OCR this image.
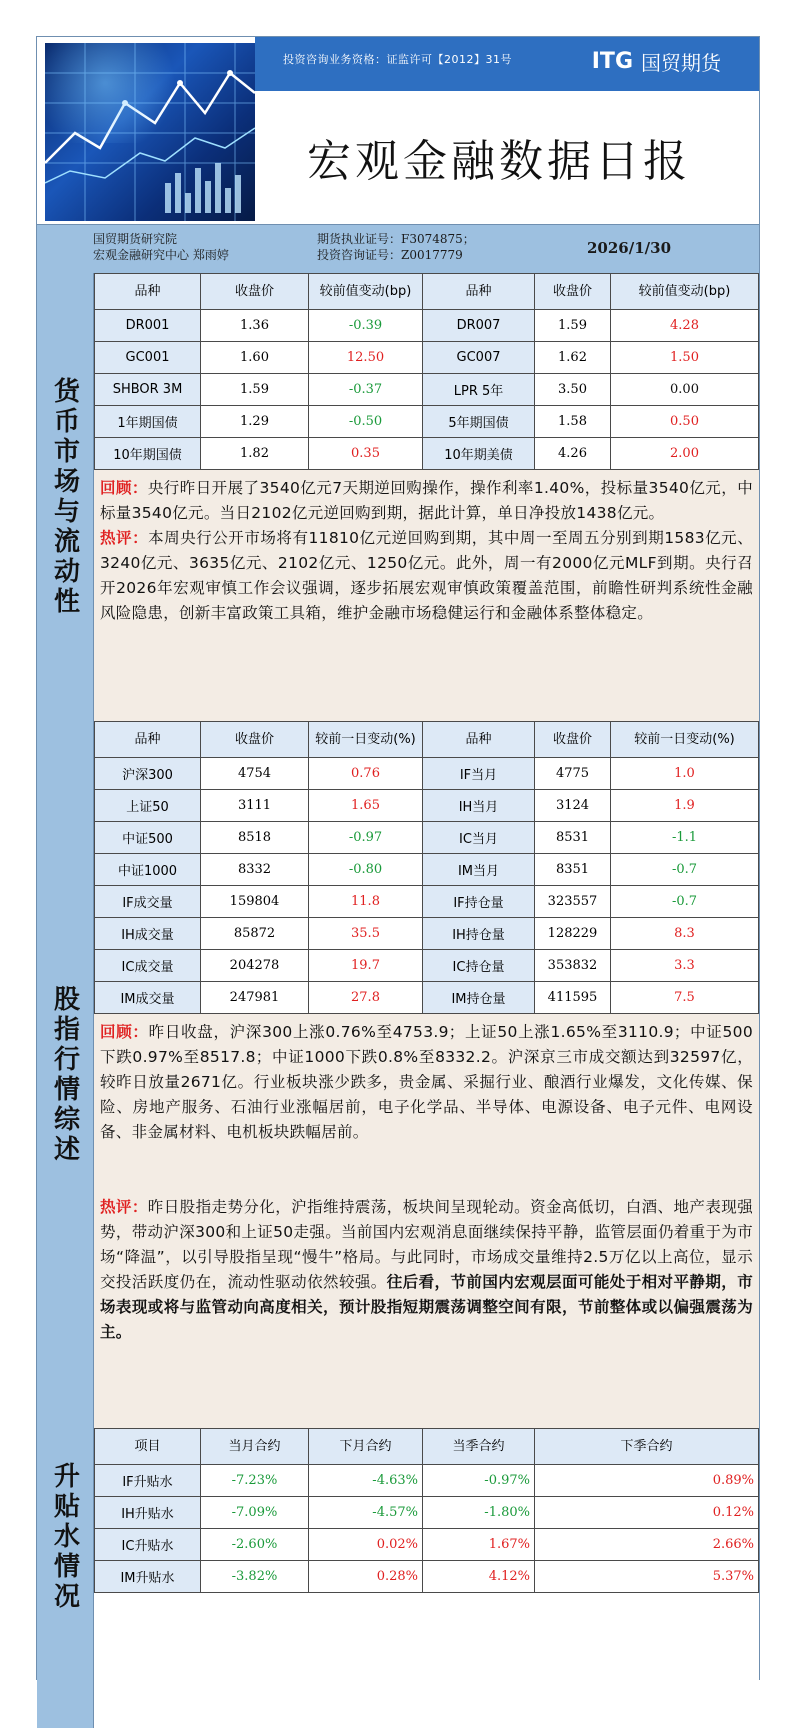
投资咨询业务资格：证监许可【2012】31号	ITG 国贸期货
宏观金融数据日报
国贸期货研究院
宏观金融研究中心 郑雨婷
期货执业证号：F3074875；
投资咨询证号：Z0017779	2026/1/30
货币市场与流动性
品种	收盘价	较前值变动(bp)	品种	收盘价	较前值变动(bp)
DR001	1.36	-0.39	DR007	1.59	4.28
GC001	1.60	12.50	GC007	1.62	1.50
SHBOR 3M	1.59	-0.37	LPR 5年	3.50	0.00
1年期国债	1.29	-0.50	5年期国债	1.58	0.50
10年期国债	1.82	0.35	10年期美债	4.26	2.00
回顾：央行昨日开展了3540亿元7天期逆回购操作，操作利率1.40%，投标量3540亿元，中标量3540亿元。当日2102亿元逆回购到期，据此计算，单日净投放1438亿元。
热评：本周央行公开市场将有11810亿元逆回购到期，其中周一至周五分别到期1583亿元、3240亿元、3635亿元、2102亿元、1250亿元。此外，周一有2000亿元MLF到期。央行召开2026年宏观审慎工作会议强调，逐步拓展宏观审慎政策覆盖范围，前瞻性研判系统性金融风险隐患，创新丰富政策工具箱，维护金融市场稳健运行和金融体系整体稳定。
股指行情综述
品种	收盘价	较前一日变动(%)	品种	收盘价	较前一日变动(%)
沪深300	4754	0.76	IF当月	4775	1.0
上证50	3111	1.65	IH当月	3124	1.9
中证500	8518	-0.97	IC当月	8531	-1.1
中证1000	8332	-0.80	IM当月	8351	-0.7
IF成交量	159804	11.8	IF持仓量	323557	-0.7
IH成交量	85872	35.5	IH持仓量	128229	8.3
IC成交量	204278	19.7	IC持仓量	353832	3.3
IM成交量	247981	27.8	IM持仓量	411595	7.5
回顾：昨日收盘，沪深300上涨0.76%至4753.9；上证50上涨1.65%至3110.9；中证500下跌0.97%至8517.8；中证1000下跌0.8%至8332.2。沪深京三市成交额达到32597亿，较昨日放量2671亿。行业板块涨少跌多，贵金属、采掘行业、酿酒行业爆发，文化传媒、保险、房地产服务、石油行业涨幅居前，电子化学品、半导体、电源设备、电子元件、电网设备、非金属材料、电机板块跌幅居前。
热评：昨日股指走势分化，沪指维持震荡，板块间呈现轮动。资金高低切，白酒、地产表现强势，带动沪深300和上证50走强。当前国内宏观消息面继续保持平静，监管层面仍着重于为市场“降温”，以引导股指呈现“慢牛”格局。与此同时，市场成交量维持2.5万亿以上高位，显示交投活跃度仍在，流动性驱动依然较强。往后看，节前国内宏观层面可能处于相对平静期，市场表现或将与监管动向高度相关，预计股指短期震荡调整空间有限，节前整体或以偏强震荡为主。
升贴水情况
项目	当月合约	下月合约	当季合约	下季合约
IF升贴水	-7.23%	-4.63%	-0.97%	0.89%
IH升贴水	-7.09%	-4.57%	-1.80%	0.12%
IC升贴水	-2.60%	0.02%	1.67%	2.66%
IM升贴水	-3.82%	0.28%	4.12%	5.37%
